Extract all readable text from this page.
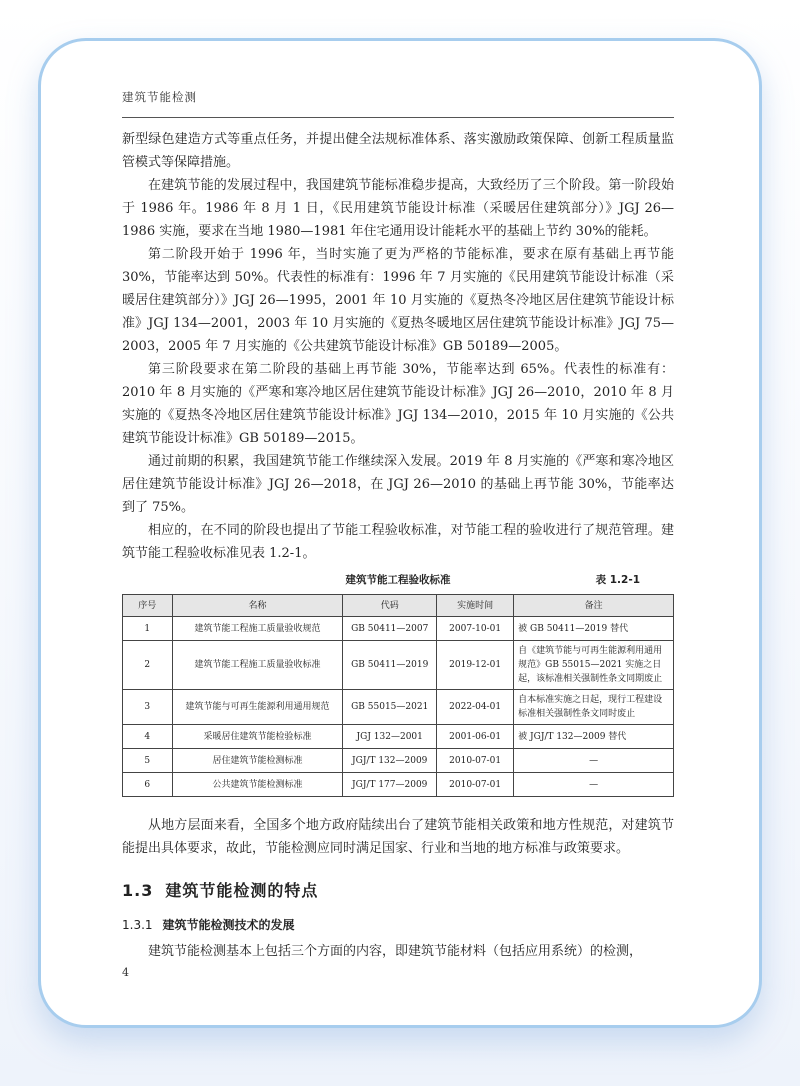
建筑节能检测

新型绿色建造方式等重点任务，并提出健全法规标准体系、落实激励政策保障、创新工程质量监管模式等保障措施。

在建筑节能的发展过程中，我国建筑节能标准稳步提高，大致经历了三个阶段。第一阶段始于 1986 年。1986 年 8 月 1 日，《民用建筑节能设计标准（采暖居住建筑部分）》JGJ 26—1986 实施，要求在当地 1980—1981 年住宅通用设计能耗水平的基础上节约 30%的能耗。

第二阶段开始于 1996 年，当时实施了更为严格的节能标准，要求在原有基础上再节能 30%，节能率达到 50%。代表性的标准有：1996 年 7 月实施的《民用建筑节能设计标准（采暖居住建筑部分）》JGJ 26—1995，2001 年 10 月实施的《夏热冬冷地区居住建筑节能设计标准》JGJ 134—2001，2003 年 10 月实施的《夏热冬暖地区居住建筑节能设计标准》JGJ 75—2003，2005 年 7 月实施的《公共建筑节能设计标准》GB 50189—2005。

第三阶段要求在第二阶段的基础上再节能 30%，节能率达到 65%。代表性的标准有：2010 年 8 月实施的《严寒和寒冷地区居住建筑节能设计标准》JGJ 26—2010，2010 年 8 月实施的《夏热冬冷地区居住建筑节能设计标准》JGJ 134—2010，2015 年 10 月实施的《公共建筑节能设计标准》GB 50189—2015。

通过前期的积累，我国建筑节能工作继续深入发展。2019 年 8 月实施的《严寒和寒冷地区居住建筑节能设计标准》JGJ 26—2018，在 JGJ 26—2010 的基础上再节能 30%，节能率达到了 75%。

相应的，在不同的阶段也提出了节能工程验收标准，对节能工程的验收进行了规范管理。建筑节能工程验收标准见表 1.2-1。

建筑节能工程验收标准	表 1.2-1
序号	名称	代码	实施时间	备注
1	建筑节能工程施工质量验收规范	GB 50411—2007	2007-10-01	被 GB 50411—2019 替代
2	建筑节能工程施工质量验收标准	GB 50411—2019	2019-12-01	自《建筑节能与可再生能源利用通用规范》GB 55015—2021 实施之日起，该标准相关强制性条文同期废止
3	建筑节能与可再生能源利用通用规范	GB 55015—2021	2022-04-01	自本标准实施之日起，现行工程建设标准相关强制性条文同时废止
4	采暖居住建筑节能检验标准	JGJ 132—2001	2001-06-01	被 JGJ/T 132—2009 替代
5	居住建筑节能检测标准	JGJ/T 132—2009	2010-07-01	—
6	公共建筑节能检测标准	JGJ/T 177—2009	2010-07-01	—

从地方层面来看，全国多个地方政府陆续出台了建筑节能相关政策和地方性规范，对建筑节能提出具体要求，故此，节能检测应同时满足国家、行业和当地的地方标准与政策要求。

1.3 建筑节能检测的特点
1.3.1 建筑节能检测技术的发展

建筑节能检测基本上包括三个方面的内容，即建筑节能材料（包括应用系统）的检测，

4
